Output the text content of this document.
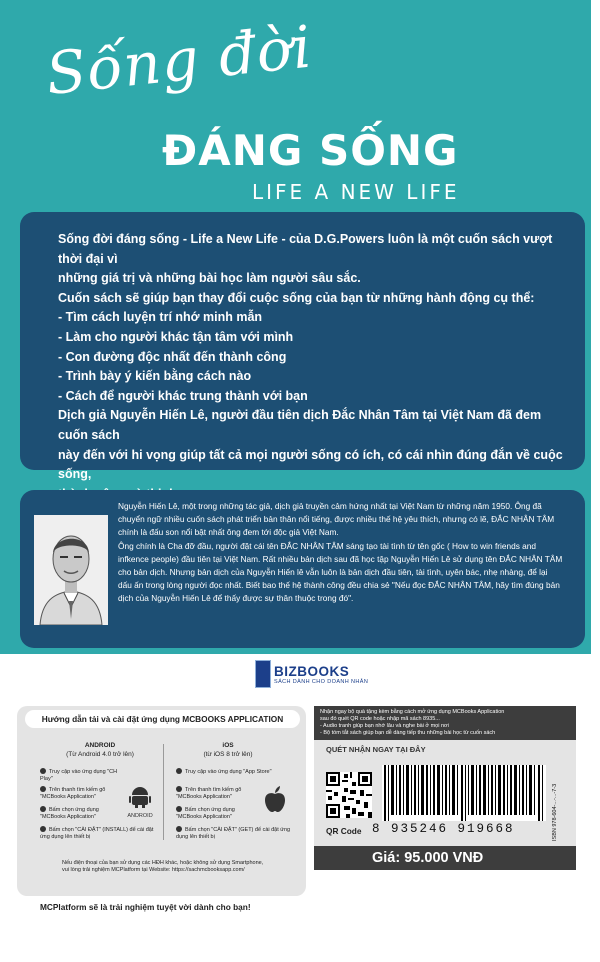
Sống đời
ĐÁNG SỐNG
LIFE A NEW LIFE

Sống đời đáng sống - Life a New Life - của D.G.Powers luôn là một cuốn sách vượt thời đại vì

những giá trị và những bài học làm người sâu sắc.

Cuốn sách sẽ giúp bạn thay đổi cuộc sống của bạn từ những hành động cụ thể:

- Tìm cách luyện trí nhớ minh mẫn

- Làm cho người khác tận tâm với mình

- Con đường độc nhất đến thành công

- Trình bày ý kiến bằng cách nào

- Cách để người khác trung thành với bạn

Dịch giả Nguyễn Hiến Lê, người đầu tiên dịch Đắc Nhân Tâm tại Việt Nam đã đem cuốn sách

này đến với hi vọng giúp tất cả mọi người sống có ích, có cái nhìn đúng đắn về cuộc sống,

Nguyễn Hiến Lê, một trong những tác giả, dịch giả truyền cảm hứng nhất tại Việt Nam từ những năm 1950. Ông đã

chuyển ngữ nhiều cuốn sách phát triển bản thân nổi tiếng, được nhiều thế hệ yêu thích, nhưng có lẽ, ĐẮC NHÂN TÂM

chính là đấu son nổi bật nhất ông đem tới độc giả Việt Nam.

Ông chính là Cha đỡ đầu, người đặt cái tên ĐẮC NHÂN TÂM sáng tạo tài tình từ tên gốc ( How to win friends and

infkence people) đầu tiên tại Việt Nam. Rất nhiều bản dịch sau đã học tập Nguyễn Hiến Lê sử dụng tên ĐẮC NHÂN TÂM

cho bản dịch. Nhưng bản dịch của Nguyễn Hiến lê vẫn luôn là bản dịch đầu tiên, tài tình, uyên bác, nhẹ nhàng, để lại

dấu ấn trong lòng người đọc nhất. Biết bao thế hệ thành công đều chia sẻ "Nếu đọc ĐẮC NHÂN TÂM, hãy tìm đúng bản

dịch của Nguyễn Hiến Lê để thấy được sự thân thuộc trong đó".

BIZBOOKS
SÁCH DÀNH CHO DOANH NHÂN
Hướng dẫn tải và cài đặt ứng dụng MCBOOKS APPLICATION
ANDROID
(Từ Android 4.0 trở lên)
Truy cập vào ứng dụng "CH Play"
Trên thanh tìm kiếm gõ "MCBooks Application"
Bấm chọn ứng dụng "MCBooks Application"
Bấm chọn "CÀI ĐẶT" (INSTALL) để cài đặt ứng dụng lên thiết bị
ANDROID
iOS
(từ iOS 8 trở lên)
Truy cập vào ứng dụng "App Store"
Trên thanh tìm kiếm gõ "MCBooks Application"
Bấm chọn ứng dụng "MCBooks Application"
Bấm chọn "CÀI ĐẶT" (GET) để cài đặt ứng dụng lên thiết bị
Nếu điện thoại của bạn sử dụng các HĐH khác, hoặc không sử dụng Smartphone,
vui lòng trải nghiệm MCPlatform tại Website: https://sachmcbooksapp.com/
MCPlatform sẽ là trải nghiệm tuyệt vời dành cho bạn!
Nhận ngay bộ quà tặng kèm bằng cách mở ứng dụng MCBooks Application
sau đó quét QR code hoặc nhập mã sách 8935...
- Audio tranh giúp bạn nhớ lâu và nghe bài ở mọi nơi
- Bộ tóm tắt sách giúp bạn dễ dàng tiếp thu những bài học từ cuốn sách
QUÉT NHẬN NGAY TẠI ĐÂY
QR Code 8 935246 919668	ISBN 978-604-...-...-7-3
Giá: 95.000 VNĐ
